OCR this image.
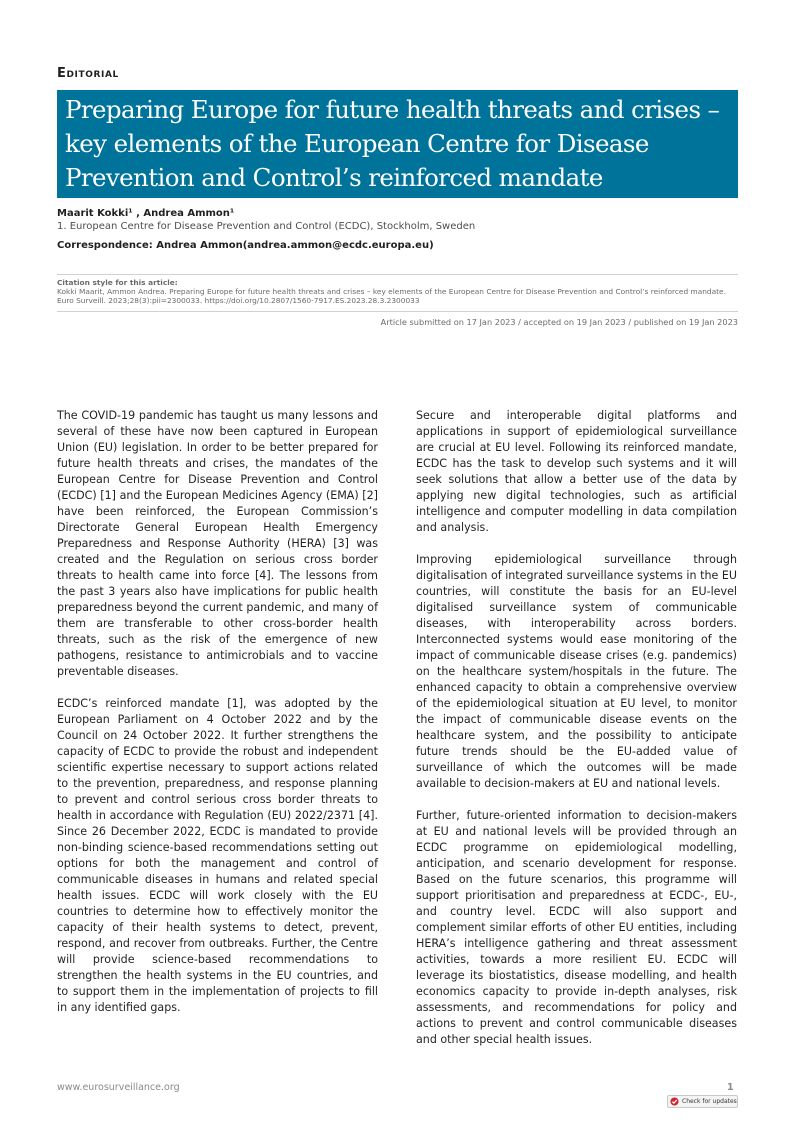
Editorial
Preparing Europe for future health threats and crises – key elements of the European Centre for Disease Prevention and Control’s reinforced mandate
Maarit Kokki¹ , Andrea Ammon¹
1. European Centre for Disease Prevention and Control (ECDC), Stockholm, Sweden
Correspondence: Andrea Ammon(andrea.ammon@ecdc.europa.eu)
Citation style for this article:
Kokki Maarit, Ammon Andrea. Preparing Europe for future health threats and crises – key elements of the European Centre for Disease Prevention and Control’s reinforced mandate. Euro Surveill. 2023;28(3):pii=2300033. https://doi.org/10.2807/1560-7917.ES.2023.28.3.2300033
Article submitted on 17 Jan 2023 / accepted on 19 Jan 2023 / published on 19 Jan 2023

The COVID-19 pandemic has taught us many lessons and several of these have now been captured in European Union (EU) legislation. In order to be better prepared for future health threats and crises, the mandates of the European Centre for Disease Prevention and Control (ECDC) [1] and the European Medicines Agency (EMA) [2] have been reinforced, the European Commission’s Directorate General European Health Emergency Preparedness and Response Authority (HERA) [3] was created and the Regulation on serious cross border threats to health came into force [4]. The lessons from the past 3 years also have implications for public health preparedness beyond the current pandemic, and many of them are transferable to other cross-border health threats, such as the risk of the emergence of new pathogens, resistance to antimicrobials and to vaccine preventable diseases.

ECDC’s reinforced mandate [1], was adopted by the European Parliament on 4 October 2022 and by the Council on 24 October 2022. It further strengthens the capacity of ECDC to provide the robust and independent scientific expertise necessary to support actions related to the prevention, preparedness, and response planning to prevent and control serious cross border threats to health in accordance with Regulation (EU) 2022/2371 [4]. Since 26 December 2022, ECDC is mandated to provide non-binding science-based recommendations setting out options for both the management and control of communicable diseases in humans and related special health issues. ECDC will work closely with the EU countries to determine how to effectively monitor the capacity of their health systems to detect, prevent, respond, and recover from outbreaks. Further, the Centre will provide science-based recommendations to strengthen the health systems in the EU countries, and to support them in the implementation of projects to fill in any identified gaps.

Secure and interoperable digital platforms and applications in support of epidemiological surveillance are crucial at EU level. Following its reinforced mandate, ECDC has the task to develop such systems and it will seek solutions that allow a better use of the data by applying new digital technologies, such as artificial intelligence and computer modelling in data compilation and analysis.

Improving epidemiological surveillance through digitalisation of integrated surveillance systems in the EU countries, will constitute the basis for an EU-level digitalised surveillance system of communicable diseases, with interoperability across borders. Interconnected systems would ease monitoring of the impact of communicable disease crises (e.g. pandemics) on the healthcare system/hospitals in the future. The enhanced capacity to obtain a comprehensive overview of the epidemiological situation at EU level, to monitor the impact of communicable disease events on the healthcare system, and the possibility to anticipate future trends should be the EU-added value of surveillance of which the outcomes will be made available to decision-makers at EU and national levels.

Further, future-oriented information to decision-makers at EU and national levels will be provided through an ECDC programme on epidemiological modelling, anticipation, and scenario development for response. Based on the future scenarios, this programme will support prioritisation and preparedness at ECDC-, EU-, and country level. ECDC will also support and complement similar efforts of other EU entities, including HERA’s intelligence gathering and threat assessment activities, towards a more resilient EU. ECDC will leverage its biostatistics, disease modelling, and health economics capacity to provide in-depth analyses, risk assessments, and recommendations for policy and actions to prevent and control communicable diseases and other special health issues.

www.eurosurveillance.org	1
Check for updates
